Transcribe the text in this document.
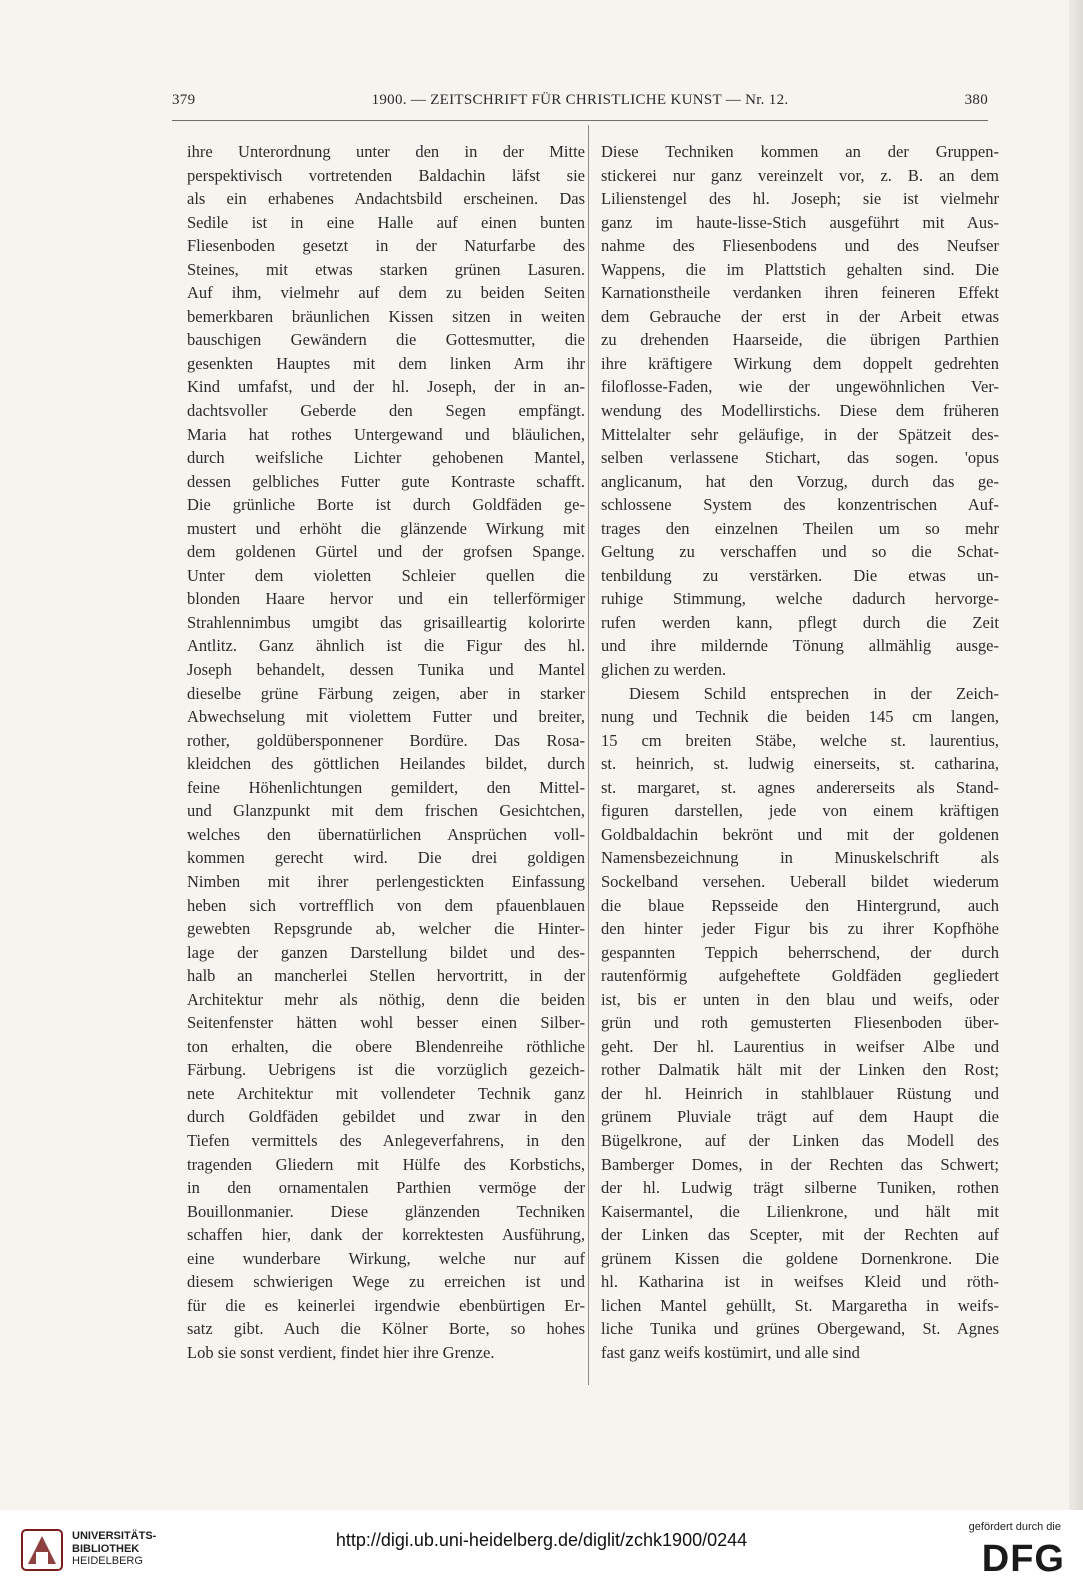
379	1900. — ZEITSCHRIFT FÜR CHRISTLICHE KUNST — Nr. 12.	380
ihre Unterordnung unter den in der Mitte
perspektivisch vortretenden Baldachin läfst sie
als ein erhabenes Andachtsbild erscheinen. Das
Sedile ist in eine Halle auf einen bunten
Fliesenboden gesetzt in der Naturfarbe des
Steines, mit etwas starken grünen Lasuren.
Auf ihm, vielmehr auf dem zu beiden Seiten
bemerkbaren bräunlichen Kissen sitzen in weiten
bauschigen Gewändern die Gottesmutter, die
gesenkten Hauptes mit dem linken Arm ihr
Kind umfafst, und der hl. Joseph, der in an-
dachtsvoller Geberde den Segen empfängt.
Maria hat rothes Untergewand und bläulichen,
durch weifsliche Lichter gehobenen Mantel,
dessen gelbliches Futter gute Kontraste schafft.
Die grünliche Borte ist durch Goldfäden ge-
mustert und erhöht die glänzende Wirkung mit
dem goldenen Gürtel und der grofsen Spange.
Unter dem violetten Schleier quellen die
blonden Haare hervor und ein tellerförmiger
Strahlennimbus umgibt das grisailleartig kolorirte
Antlitz. Ganz ähnlich ist die Figur des hl.
Joseph behandelt, dessen Tunika und Mantel
dieselbe grüne Färbung zeigen, aber in starker
Abwechselung mit violettem Futter und breiter,
rother, goldübersponnener Bordüre. Das Rosa-
kleidchen des göttlichen Heilandes bildet, durch
feine Höhenlichtungen gemildert, den Mittel-
und Glanzpunkt mit dem frischen Gesichtchen,
welches den übernatürlichen Ansprüchen voll-
kommen gerecht wird. Die drei goldigen
Nimben mit ihrer perlengestickten Einfassung
heben sich vortrefflich von dem pfauenblauen
gewebten Repsgrunde ab, welcher die Hinter-
lage der ganzen Darstellung bildet und des-
halb an mancherlei Stellen hervortritt, in der
Architektur mehr als nöthig, denn die beiden
Seitenfenster hätten wohl besser einen Silber-
ton erhalten, die obere Blendenreihe röthliche
Färbung. Uebrigens ist die vorzüglich gezeich-
nete Architektur mit vollendeter Technik ganz
durch Goldfäden gebildet und zwar in den
Tiefen vermittels des Anlegeverfahrens, in den
tragenden Gliedern mit Hülfe des Korbstichs,
in den ornamentalen Parthien vermöge der
Bouillonmanier. Diese glänzenden Techniken
schaffen hier, dank der korrektesten Ausführung,
eine wunderbare Wirkung, welche nur auf
diesem schwierigen Wege zu erreichen ist und
für die es keinerlei irgendwie ebenbürtigen Er-
satz gibt. Auch die Kölner Borte, so hohes
Lob sie sonst verdient, findet hier ihre Grenze.
Diese Techniken kommen an der Gruppen-
stickerei nur ganz vereinzelt vor, z. B. an dem
Lilienstengel des hl. Joseph; sie ist vielmehr
ganz im haute-lisse-Stich ausgeführt mit Aus-
nahme des Fliesenbodens und des Neufser
Wappens, die im Plattstich gehalten sind. Die
Karnationstheile verdanken ihren feineren Effekt
dem Gebrauche der erst in der Arbeit etwas
zu drehenden Haarseide, die übrigen Parthien
ihre kräftigere Wirkung dem doppelt gedrehten
filoflosse-Faden, wie der ungewöhnlichen Ver-
wendung des Modellirstichs. Diese dem früheren
Mittelalter sehr geläufige, in der Spätzeit des-
selben verlassene Stichart, das sogen. 'opus
anglicanum, hat den Vorzug, durch das ge-
schlossene System des konzentrischen Auf-
trages den einzelnen Theilen um so mehr
Geltung zu verschaffen und so die Schat-
tenbildung zu verstärken. Die etwas un-
ruhige Stimmung, welche dadurch hervorge-
rufen werden kann, pflegt durch die Zeit
und ihre mildernde Tönung allmählig ausge-
glichen zu werden.
Diesem Schild entsprechen in der Zeich-
nung und Technik die beiden 145 cm langen,
15 cm breiten Stäbe, welche st. laurentius,
st. heinrich, st. ludwig einerseits, st. catharina,
st. margaret, st. agnes andererseits als Stand-
figuren darstellen, jede von einem kräftigen
Goldbaldachin bekrönt und mit der goldenen
Namensbezeichnung in Minuskelschrift als
Sockelband versehen. Ueberall bildet wiederum
die blaue Repsseide den Hintergrund, auch
den hinter jeder Figur bis zu ihrer Kopfhöhe
gespannten Teppich beherrschend, der durch
rautenförmig aufgeheftete Goldfäden gegliedert
ist, bis er unten in den blau und weifs, oder
grün und roth gemusterten Fliesenboden über-
geht. Der hl. Laurentius in weifser Albe und
rother Dalmatik hält mit der Linken den Rost;
der hl. Heinrich in stahlblauer Rüstung und
grünem Pluviale trägt auf dem Haupt die
Bügelkrone, auf der Linken das Modell des
Bamberger Domes, in der Rechten das Schwert;
der hl. Ludwig trägt silberne Tuniken, rothen
Kaisermantel, die Lilienkrone, und hält mit
der Linken das Scepter, mit der Rechten auf
grünem Kissen die goldene Dornenkrone. Die
hl. Katharina ist in weifses Kleid und röth-
lichen Mantel gehüllt, St. Margaretha in weifs-
liche Tunika und grünes Obergewand, St. Agnes
fast ganz weifs kostümirt, und alle sind
UNIVERSITÄTS-
BIBLIOTHEK
HEIDELBERG
http://digi.ub.uni-heidelberg.de/diglit/zchk1900/0244
gefördert durch die
DFG
